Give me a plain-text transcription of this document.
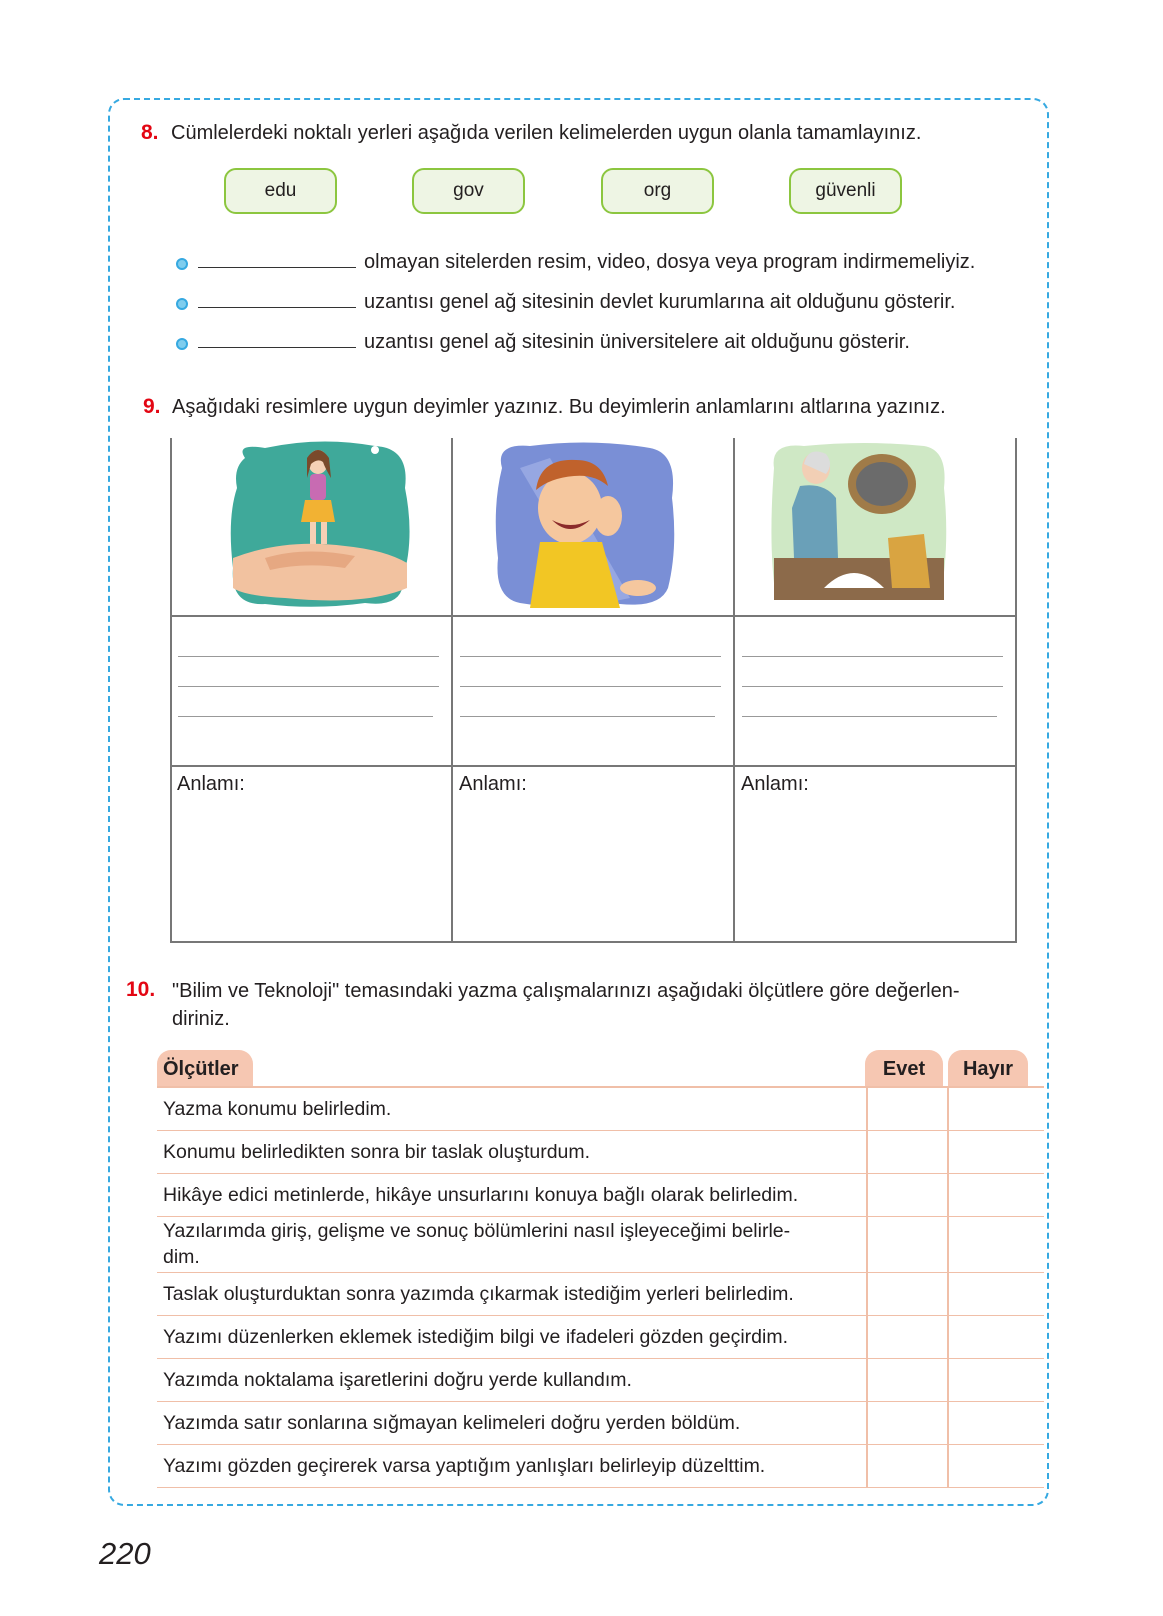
8. Cümlelerdeki noktalı yerleri aşağıda verilen kelimelerden uygun olanla tamamlayınız.
edu	gov	org	güvenli
olmayan sitelerden resim, video, dosya veya program indirmemeliyiz.
uzantısı genel ağ sitesinin devlet kurumlarına ait olduğunu gösterir.
uzantısı genel ağ sitesinin üniversitelere ait olduğunu gösterir.
9. Aşağıdaki resimlere uygun deyimler yazınız. Bu deyimlerin anlamlarını altlarına yazınız.
Anlamı:	Anlamı:	Anlamı:
10. "Bilim ve Teknoloji" temasındaki yazma çalışmalarınızı aşağıdaki ölçütlere göre değerlen-
diriniz.
Ölçütler	Evet	Hayır
Yazma konumu belirledim.
Konumu belirledikten sonra bir taslak oluşturdum.
Hikâye edici metinlerde, hikâye unsurlarını konuya bağlı olarak belirledim.
Yazılarımda giriş, gelişme ve sonuç bölümlerini nasıl işleyeceğimi belirle-
dim.
Taslak oluşturduktan sonra yazımda çıkarmak istediğim yerleri belirledim.
Yazımı düzenlerken eklemek istediğim bilgi ve ifadeleri gözden geçirdim.
Yazımda noktalama işaretlerini doğru yerde kullandım.
Yazımda satır sonlarına sığmayan kelimeleri doğru yerden böldüm.
Yazımı gözden geçirerek varsa yaptığım yanlışları belirleyip düzelttim.
220
